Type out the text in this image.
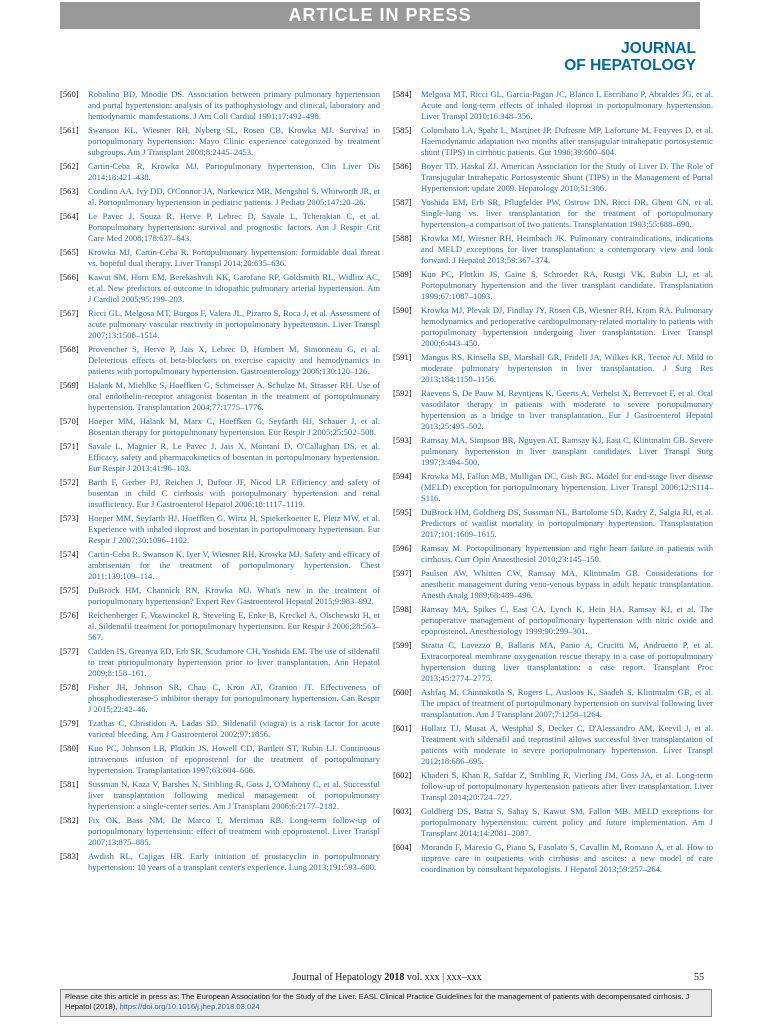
ARTICLE IN PRESS
JOURNAL
OF HEPATOLOGY
[560]	Robalino BD, Moodie DS. Association between primary pulmonary hypertension and portal hypertension: analysis of its pathophysiology and clinical, laboratory and hemodynamic manifestations. J Am Coll Cardiol 1991;17:492–498.
[561]	Swanson KL, Wiesner RH, Nyberg SL, Rosen CB, Krowka MJ. Survival in portopulmonary hypertension: Mayo Clinic experience categorized by treatment subgroups. Am J Transplant 2008;8:2445–2453.
[562]	Cartin-Ceba R, Krowka MJ. Portopulmonary hypertension. Clin Liver Dis 2014;18:421–438.
[563]	Condino AA, Ivy DD, O'Connor JA, Narkewicz MR, Mengshol S, Whitworth JR, et al. Portopulmonary hypertension in pediatric patients. J Pediatr 2005;147:20–26.
[564]	Le Pavec J, Souza R, Herve P, Lebrec D, Savale L, Tcherakian C, et al. Portopulmonary hypertension: survival and prognostic factors. Am J Respir Crit Care Med 2008;178:637–643.
[565]	Krowka MJ, Cartin-Ceba R. Portopulmonary hypertension: formidable dual threat vs. hopeful dual therapy. Liver Transpl 2014;20:635–636.
[566]	Kawut SM, Horn EM, Berekashvili KK, Garofano RP, Goldsmith RL, Widlitz AC, et al. New predictors of outcome in idiopathic pulmonary arterial hypertension. Am J Cardiol 2005;95:199–203.
[567]	Ricci GL, Melgosa MT, Burgos F, Valera JL, Pizarro S, Roca J, et al. Assessment of acute pulmonary vascular reactivity in portopulmonary hypertension. Liver Transpl 2007;13:1506–1514.
[568]	Provencher S, Herve P, Jais X, Lebrec D, Humbert M, Simonneau G, et al. Deleterious effects of beta-blockers on exercise capacity and hemodynamics in patients with portopulmonary hypertension. Gastroenterology 2006;130:120–126.
[569]	Halank M, Miehlke S, Hoeffken G, Schmeisser A, Schulze M, Strasser RH. Use of oral endothelin-receptor antagonist bosentan in the treatment of portopulmonary hypertension. Transplantation 2004;77:1775–1776.
[570]	Hoeper MM, Halank M, Marx C, Hoeffken G, Seyfarth HJ, Schauer J, et al. Bosentan therapy for portopulmonary hypertension. Eur Respir J 2005;25:502–508.
[571]	Savale L, Magnier R, Le Pavec J, Jais X, Montani D, O'Callaghan DS, et al. Efficacy, safety and pharmacokinetics of bosentan in portopulmonary hypertension. Eur Respir J 2013;41:96–103.
[572]	Barth F, Gerber PJ, Reichen J, Dufour JF, Nicod LP. Efficiency and safety of bosentan in child C cirrhosis with portopulmonary hypertension and renal insufficiency. Eur J Gastroenterol Hepatol 2006;18:1117–1119.
[573]	Hoeper MM, Seyfarth HJ, Hoeffken G, Wirtz H, Spiekerkoetter E, Pletz MW, et al. Experience with inhaled iloprost and bosentan in portopulmonary hypertension. Eur Respir J 2007;30:1096–1102.
[574]	Cartin-Ceba R, Swanson K, Iyer V, Wiesner RH, Krowka MJ. Safety and efficacy of ambrisentan for the treatment of portopulmonary hypertension. Chest 2011;139:109–114.
[575]	DuBrock HM, Channick RN, Krowka MJ. What's new in the treatment of portopulmonary hypertension? Expert Rev Gastroenterol Hepatol 2015;9:983–992.
[576]	Reichenberger F, Voswinckel R, Steveling E, Enke B, Kreckel A, Olschewski H, et al. Sildenafil treatment for portopulmonary hypertension. Eur Respir J 2006;28:563–567.
[577]	Cadden IS, Greanya ED, Erb SR, Scudamore CH, Yoshida EM. The use of sildenafil to treat portopulmonary hypertension prior to liver transplantation. Ann Hepatol 2009;8:158–161.
[578]	Fisher JH, Johnson SR, Chau C, Kron AT, Granton JT. Effectiveness of phosphodiesterase-5 inhibitor therapy for portopulmonary hypertension. Can Respir J 2015;22:42–46.
[579]	Tzathas C, Christidou A, Ladas SD. Sildenafil (viagra) is a risk factor for acute variceal bleeding. Am J Gastroenterol 2002;97:1856.
[580]	Kuo PC, Johnson LB, Plotkin JS, Howell CD, Bartlett ST, Rubin LJ. Continuous intravenous infusion of epoprostenol for the treatment of portopulmonary hypertension. Transplantation 1997;63:604–606.
[581]	Sussman N, Kaza V, Barshes N, Stribling R, Goss J, O'Mahony C, et al. Successful liver transplantation following medical management of portopulmonary hypertension: a single-center series. Am J Transplant 2006;6:2177–2182.
[582]	Fix OK, Bass NM, De Marco T, Merriman RB. Long-term follow-up of portopulmonary hypertension: effect of treatment with epoprostenol. Liver Transpl 2007;13:875–885.
[583]	Awdish RL, Cajigas HR. Early initiation of prostacyclin in portopulmonary hypertension: 10 years of a transplant center's experience. Lung 2013;191:593–600.
[584]	Melgosa MT, Ricci GL, Garcia-Pagan JC, Blanco I, Escribano P, Abraldes JG, et al. Acute and long-term effects of inhaled iloprost in portopulmonary hypertension. Liver Transpl 2010;16:348–356.
[585]	Colombato LA, Spahr L, Martinet JP, Dufresne MP, Lafortune M, Fenyves D, et al. Haemodynamic adaptation two months after transjugular intrahepatic portosystemic shunt (TIPS) in cirrhotic patients. Gut 1996;39:600–604.
[586]	Boyer TD, Haskal ZJ. American Association for the Study of Liver D. The Role of Transjugular Intrahepatic Portosystemic Shunt (TIPS) in the Management of Portal Hypertension: update 2009. Hepatology 2010;51:306.
[587]	Yoshida EM, Erb SR, Pflugfelder PW, Ostrow DN, Ricci DR, Ghent CN, et al. Single-lung vs. liver transplantation for the treatment of portopulmonary hypertension–a comparison of two patients. Transplantation 1993;55:688–690.
[588]	Krowka MJ, Wiesner RH, Heimbach JK. Pulmonary contraindications, indications and MELD exceptions for liver transplantation: a contemporary view and look forward. J Hepatol 2013;59:367–374.
[589]	Kuo PC, Plotkin JS, Gaine S, Schroeder RA, Rustgi VK, Rubin LJ, et al. Portopulmonary hypertension and the liver transplant candidate. Transplantation 1999;67:1087–1093.
[590]	Krowka MJ, Plevak DJ, Findlay JY, Rosen CB, Wiesner RH, Krom RA. Pulmonary hemodynamics and perioperative cardiopulmonary-related mortality in patients with portopulmonary hypertension undergoing liver transplantation. Liver Transpl 2000;6:443–450.
[591]	Mangus RS, Kinsella SB, Marshall GR, Fridell JA, Wilkes KR, Tector AJ. Mild to moderate pulmonary hypertension in liver transplantation. J Surg Res 2013;184:1150–1156.
[592]	Raevens S, De Pauw M, Reyntjens K, Geerts A, Verhelst X, Berrevoet F, et al. Oral vasodilator therapy in patients with moderate to severe portopulmonary hypertension as a bridge to liver transplantation. Eur J Gastroenterol Hepatol 2013;25:495–502.
[593]	Ramsay MA, Simpson BR, Nguyen AT, Ramsay KJ, East C, Klintmalm GB. Severe pulmonary hypertension in liver transplant candidates. Liver Transpl Surg 1997;3:494–500.
[594]	Krowka MJ, Fallon MB, Mulligan DC, Gish RG. Model for end-stage liver disease (MELD) exception for portopulmonary hypertension. Liver Transpl 2006;12:S114–S116.
[595]	DuBrock HM, Goldberg DS, Sussman NL, Bartolome SD, Kadry Z, Salgia RJ, et al. Predictors of waitlist mortality in portopulmonary hypertension. Transplantation 2017;101:1609–1615.
[596]	Ramsay M. Portopulmonary hypertension and right heart failure in patients with cirrhosis. Curr Opin Anaesthesiol 2010;23:145–150.
[597]	Paulsen AW, Whitten CW, Ramsay MA, Klintmalm GB. Considerations for anesthetic management during veno-venous bypass in adult hepatic transplantation. Anesth Analg 1989;68:489–496.
[598]	Ramsay MA, Spikes C, East CA, Lynch K, Hein HA, Ramsay KJ, et al. The perioperative management of portopulmonary hypertension with nitric oxide and epoprostenol. Anesthesiology 1999;90:299–301.
[599]	Stratta C, Lavezzo B, Ballaris MA, Panio A, Crucitti M, Andruetto P, et al. Extracorporeal membrane oxygenation rescue therapy in a case of portopulmonary hypertension during liver transplantation: a case report. Transplant Proc 2013;45:2774–2775.
[600]	Ashfaq M, Chinnakotla S, Rogers L, Ausloos K, Saadeh S, Klintmalm GB, et al. The impact of treatment of portopulmonary hypertension on survival following liver transplantation. Am J Transplant 2007;7:1258–1264.
[601]	Hollatz TJ, Musat A, Westphal S, Decker C, D'Alessandro AM, Keevil J, et al. Treatment with sildenafil and treprostinil allows successful liver transplantation of patients with moderate to severe portopulmonary hypertension. Liver Transpl 2012;18:686–695.
[602]	Khaderi S, Khan R, Safdar Z, Stribling R, Vierling JM, Goss JA, et al. Long-term follow-up of portopulmonary hypertension patients after liver transplantation. Liver Transpl 2014;20:724–727.
[603]	Goldberg DS, Batra S, Sahay S, Kawut SM, Fallon MB. MELD exceptions for portopulmonary hypertension: current policy and future implementation. Am J Transplant 2014;14:2081–2087.
[604]	Morando F, Maresio G, Piano S, Fasolato S, Cavallin M, Romano A, et al. How to improve care in outpatients with cirrhosis and ascites: a new model of care coordination by consultant hepatologists. J Hepatol 2013;59:257–264.
Journal of Hepatology 2018 vol. xxx | xxx–xxx	55
Please cite this article in press as: The European Association for the Study of the Liver. EASL Clinical Practice Guidelines for the management of patients with decompensated cirrhosis. J Hepatol (2018), https://doi.org/10.1016/j.jhep.2018.03.024
